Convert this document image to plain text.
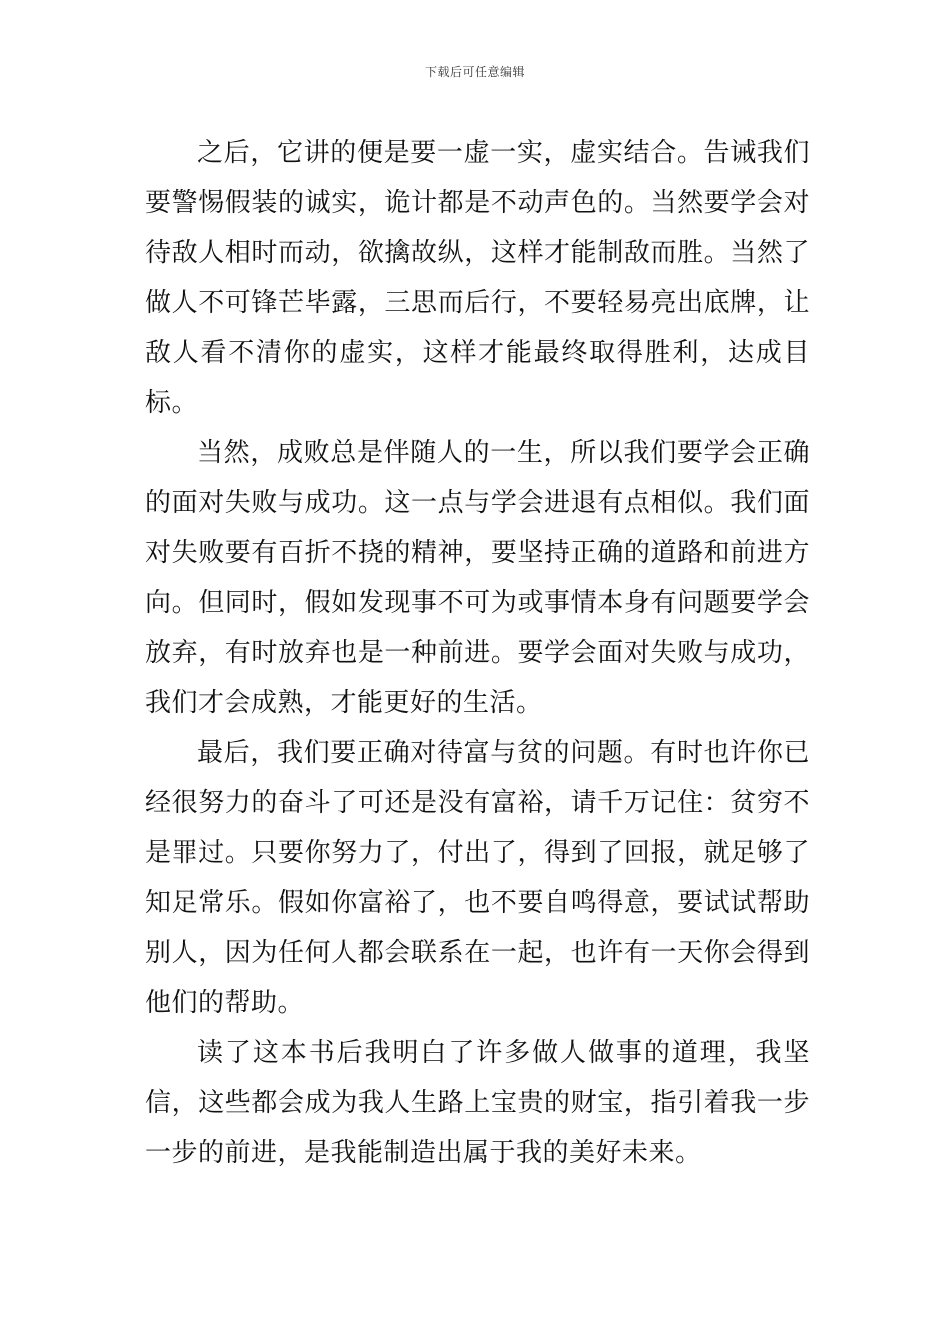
下载后可任意编辑

之后，它讲的便是要一虚一实，虚实结合。告诫我们要警惕假装的诚实，诡计都是不动声色的。当然要学会对待敌人相时而动，欲擒故纵，这样才能制敌而胜。当然了做人不可锋芒毕露，三思而后行，不要轻易亮出底牌，让敌人看不清你的虚实，这样才能最终取得胜利，达成目标。

当然，成败总是伴随人的一生，所以我们要学会正确的面对失败与成功。这一点与学会进退有点相似。我们面对失败要有百折不挠的精神，要坚持正确的道路和前进方向。但同时，假如发现事不可为或事情本身有问题要学会放弃，有时放弃也是一种前进。要学会面对失败与成功，我们才会成熟，才能更好的生活。

最后，我们要正确对待富与贫的问题。有时也许你已经很努力的奋斗了可还是没有富裕，请千万记住：贫穷不是罪过。只要你努力了，付出了，得到了回报，就足够了知足常乐。假如你富裕了，也不要自鸣得意，要试试帮助别人，因为任何人都会联系在一起，也许有一天你会得到他们的帮助。

读了这本书后我明白了许多做人做事的道理，我坚信，这些都会成为我人生路上宝贵的财宝，指引着我一步一步的前进，是我能制造出属于我的美好未来。
